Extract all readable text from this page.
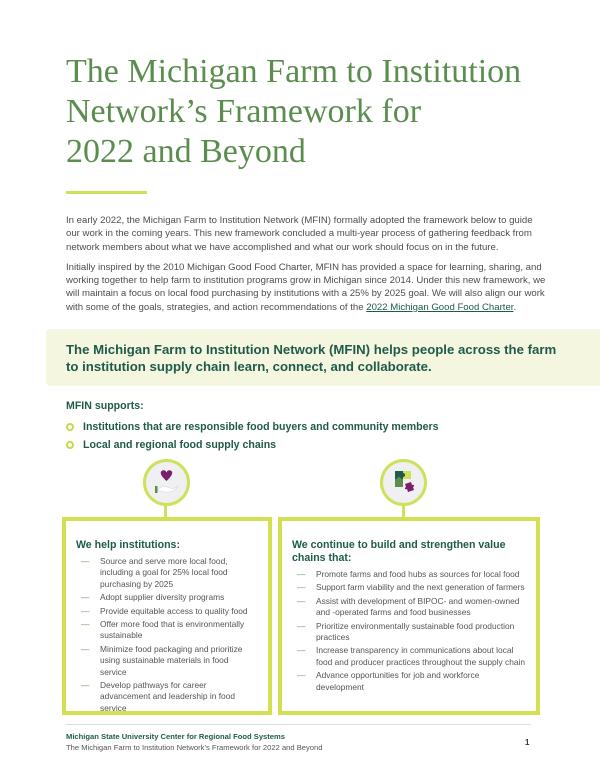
The Michigan Farm to Institution
Network’s Framework for
2022 and Beyond

In early 2022, the Michigan Farm to Institution Network (MFIN) formally adopted the framework below to guide our work in the coming years. This new framework concluded a multi-year process of gathering feedback from network members about what we have accomplished and what our work should focus on in the future.

Initially inspired by the 2010 Michigan Good Food Charter, MFIN has provided a space for learning, sharing, and working together to help farm to institution programs grow in Michigan since 2014. Under this new framework, we will maintain a focus on local food purchasing by institutions with a 25% by 2025 goal. We will also align our work with some of the goals, strategies, and action recommendations of the 2022 Michigan Good Food Charter.

The Michigan Farm to Institution Network (MFIN) helps people across the farm to institution supply chain learn, connect, and collaborate.
MFIN supports:
Institutions that are responsible food buyers and community members
Local and regional food supply chains
We help institutions:
— Source and serve more local food, including a goal for 25% local food purchasing by 2025
— Adopt supplier diversity programs
— Provide equitable access to quality food
— Offer more food that is environmentally sustainable
— Minimize food packaging and prioritize using sustainable materials in food service
— Develop pathways for career advancement and leadership in food service
We continue to build and strengthen value chains that:
— Promote farms and food hubs as sources for local food
— Support farm viability and the next generation of farmers
— Assist with development of BIPOC- and women-owned and -operated farms and food businesses
— Prioritize environmentally sustainable food production practices
— Increase transparency in communications about local food and producer practices throughout the supply chain
— Advance opportunities for job and workforce development
Michigan State University Center for Regional Food Systems
The Michigan Farm to Institution Network’s Framework for 2022 and Beyond
1
